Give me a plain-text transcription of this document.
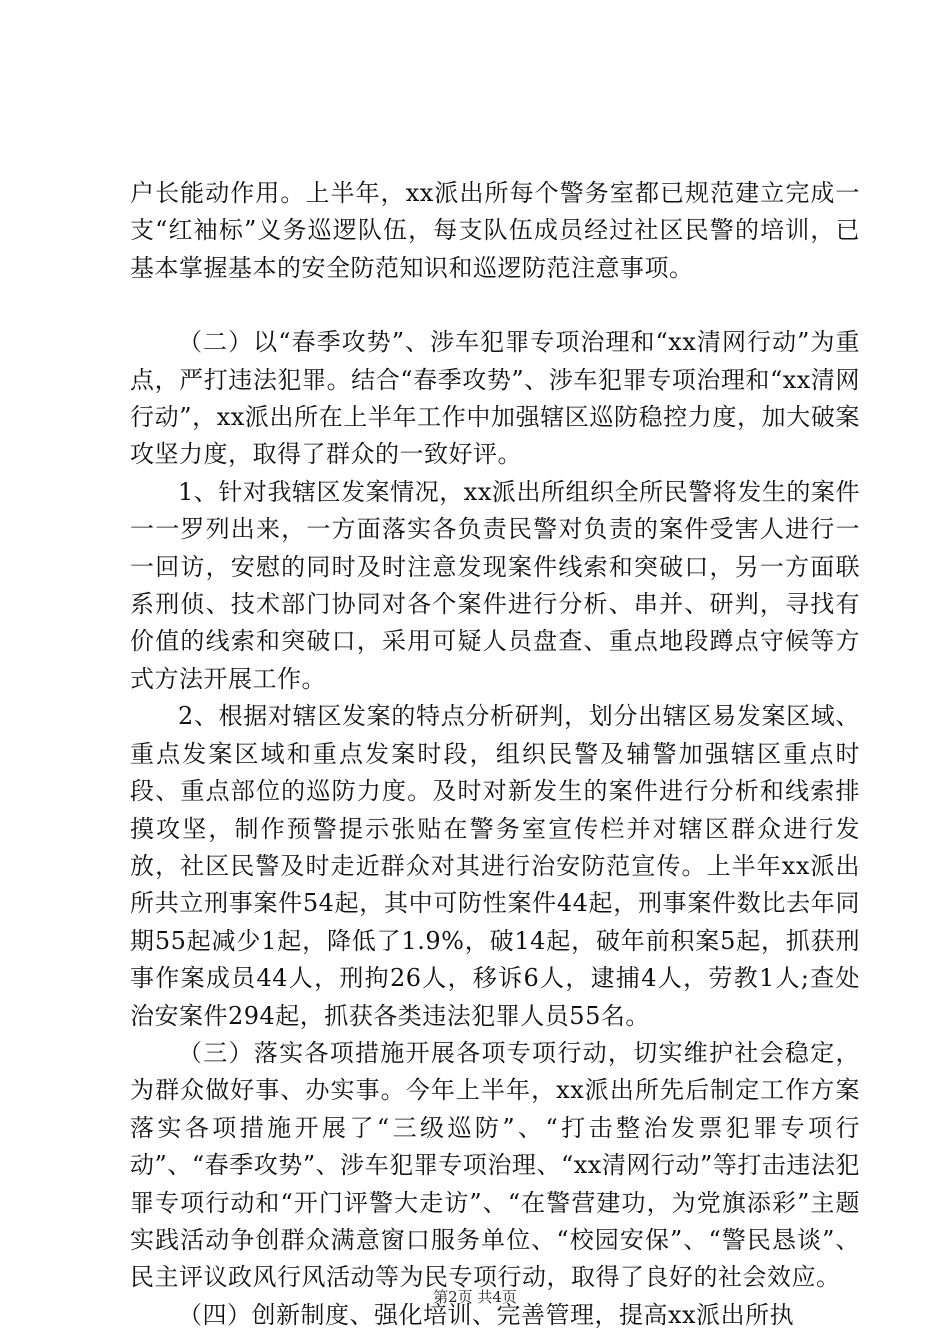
户长能动作用。上半年，xx派出所每个警务室都已规范建立完成一支“红袖标”义务巡逻队伍，每支队伍成员经过社区民警的培训，已基本掌握基本的安全防范知识和巡逻防范注意事项。

（二）以“春季攻势”、涉车犯罪专项治理和“xx清网行动”为重点，严打违法犯罪。结合“春季攻势”、涉车犯罪专项治理和“xx清网行动”，xx派出所在上半年工作中加强辖区巡防稳控力度，加大破案攻坚力度，取得了群众的一致好评。

1、针对我辖区发案情况，xx派出所组织全所民警将发生的案件一一罗列出来，一方面落实各负责民警对负责的案件受害人进行一一回访，安慰的同时及时注意发现案件线索和突破口，另一方面联系刑侦、技术部门协同对各个案件进行分析、串并、研判，寻找有价值的线索和突破口，采用可疑人员盘查、重点地段蹲点守候等方式方法开展工作。

2、根据对辖区发案的特点分析研判，划分出辖区易发案区域、重点发案区域和重点发案时段，组织民警及辅警加强辖区重点时段、重点部位的巡防力度。及时对新发生的案件进行分析和线索排摸攻坚，制作预警提示张贴在警务室宣传栏并对辖区群众进行发放，社区民警及时走近群众对其进行治安防范宣传。上半年xx派出所共立刑事案件54起，其中可防性案件44起，刑事案件数比去年同期55起减少1起，降低了1.9%，破14起，破年前积案5起，抓获刑事作案成员44人，刑拘26人，移诉6人，逮捕4人，劳教1人;查处治安案件294起，抓获各类违法犯罪人员55名。

（三）落实各项措施开展各项专项行动，切实维护社会稳定，为群众做好事、办实事。今年上半年，xx派出所先后制定工作方案落实各项措施开展了“三级巡防”、“打击整治发票犯罪专项行动”、“春季攻势”、涉车犯罪专项治理、“xx清网行动”等打击违法犯罪专项行动和“开门评警大走访”、“在警营建功，为党旗添彩”主题实践活动争创群众满意窗口服务单位、“校园安保”、“警民恳谈”、民主评议政风行风活动等为民专项行动，取得了良好的社会效应。

（四）创新制度、强化培训、完善管理，提高xx派出所执

第2页 共4页
